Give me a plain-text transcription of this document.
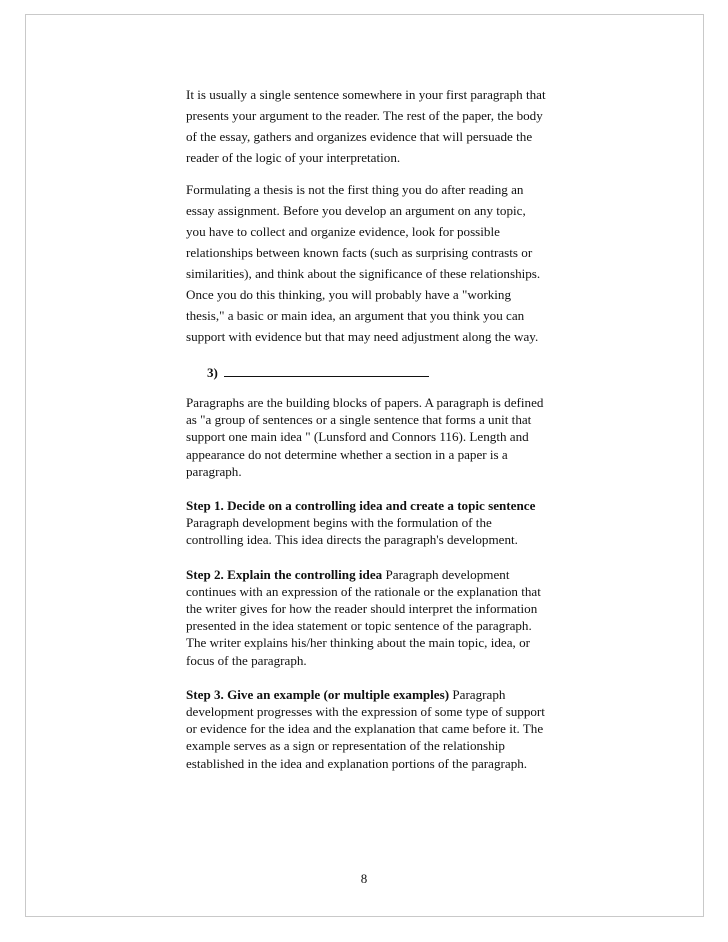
It is usually a single sentence somewhere in your first paragraph that presents your argument to the reader. The rest of the paper, the body of the essay, gathers and organizes evidence that will persuade the reader of the logic of your interpretation.

Formulating a thesis is not the first thing you do after reading an essay assignment. Before you develop an argument on any topic, you have to collect and organize evidence, look for possible relationships between known facts (such as surprising contrasts or similarities), and think about the significance of these relationships. Once you do this thinking, you will probably have a "working thesis," a basic or main idea, an argument that you think you can support with evidence but that may need adjustment along the way.

3)

Paragraphs are the building blocks of papers. A paragraph is defined as "a group of sentences or a single sentence that forms a unit that support one main idea " (Lunsford and Connors 116). Length and appearance do not determine whether a section in a paper is a paragraph.

Step 1. Decide on a controlling idea and create a topic sentence Paragraph development begins with the formulation of the controlling idea. This idea directs the paragraph's development.

Step 2. Explain the controlling idea Paragraph development continues with an expression of the rationale or the explanation that the writer gives for how the reader should interpret the information presented in the idea statement or topic sentence of the paragraph. The writer explains his/her thinking about the main topic, idea, or focus of the paragraph.

Step 3. Give an example (or multiple examples) Paragraph development progresses with the expression of some type of support or evidence for the idea and the explanation that came before it. The example serves as a sign or representation of the relationship established in the idea and explanation portions of the paragraph.

8
